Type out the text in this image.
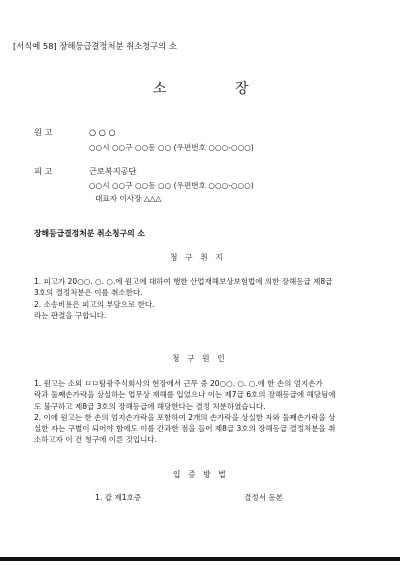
[서식예 58] 장해등급결정처분 취소청구의 소
소	장
원 고	○ ○ ○
○○시 ○○구 ○○동 ○○ (우편번호 ○○○-○○○)
피 고	근로복지공단
○○시 ○○구 ○○동 ○○ (우편번호 ○○○-○○○)
대표자 이사장 △△△
장해등급결정처분 취소청구의 소
청 구 취 지
1. 피고가 20○○. ○. ○.에 원고에 대하여 행한 산업재해보상보험법에 의한 장해등급 제8급
3호의 결정처분은 이를 취소한다.
2. 소송비용은 피고의 부담으로 한다.
라는 판결을 구합니다.
청 구 원 인
1. 원고는 소외 ㅁㅁ탐광주식회사의 현장에서 근무 중 20○○. ○. ○.에 한 손의 엄지손가
락과 둘째손가락을 상실하는 업무상 재해를 입었으나 이는 제7급 6호의 장해등급에 해당됨에
도 불구하고 제8급 3호의 장해등급에 해당한다는 결정 처분하였습니다.
2. 이에 원고는 한 손의 엄지손가락을 포함하여 2개의 손가락을 상실한 자와 둘째손가락을 상
실한 자는 구별이 되어야 함에도 이를 간과한 점을 들어 제8급 3호의 장해등급 결정처분을 취
소하고자 이 건 청구에 이른 것입니다.
입 증 방 법
1. 갑 제1호증	결정서 등본
